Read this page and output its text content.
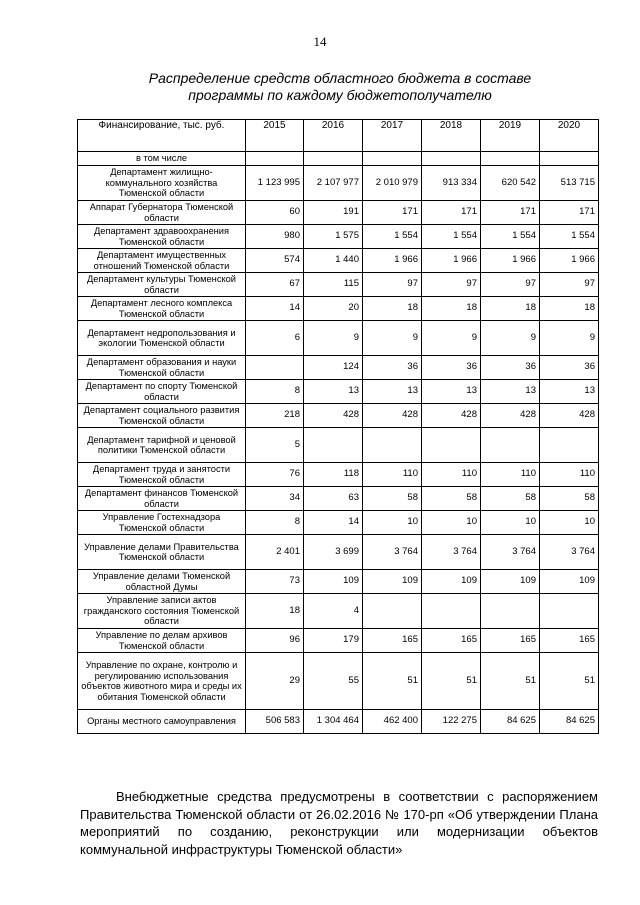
14
Распределение средств областного бюджета в составе
программы по каждому бюджетополучателю
Финансирование, тыс. руб.	2015	2016	2017	2018	2019	2020
в том числе						
Департамент жилищно-коммунального хозяйства Тюменской области	1 123 995	2 107 977	2 010 979	913 334	620 542	513 715
Аппарат Губернатора Тюменской области	60	191	171	171	171	171
Департамент здравоохранения Тюменской области	980	1 575	1 554	1 554	1 554	1 554
Департамент имущественных отношений Тюменской области	574	1 440	1 966	1 966	1 966	1 966
Департамент культуры Тюменской области	67	115	97	97	97	97
Департамент лесного комплекса Тюменской области	14	20	18	18	18	18
Департамент недропользования и экологии Тюменской области	6	9	9	9	9	9
Департамент образования и науки Тюменской области		124	36	36	36	36
Департамент по спорту Тюменской области	8	13	13	13	13	13
Департамент социального развития Тюменской области	218	428	428	428	428	428
Департамент тарифной и ценовой политики Тюменской области	5					
Департамент труда и занятости Тюменской области	76	118	110	110	110	110
Департамент финансов Тюменской области	34	63	58	58	58	58
Управление Гостехнадзора Тюменской области	8	14	10	10	10	10
Управление делами Правительства Тюменской области	2 401	3 699	3 764	3 764	3 764	3 764
Управление делами Тюменской областной Думы	73	109	109	109	109	109
Управление записи актов гражданского состояния Тюменской области	18	4				
Управление по делам архивов Тюменской области	96	179	165	165	165	165
Управление по охране, контролю и регулированию использования объектов животного мира и среды их обитания Тюменской области	29	55	51	51	51	51
Органы местного самоуправления	506 583	1 304 464	462 400	122 275	84 625	84 625
Внебюджетные средства предусмотрены в соответствии с распоряжением Правительства Тюменской области от 26.02.2016 № 170-рп «Об утверждении Плана мероприятий по созданию, реконструкции или модернизации объектов коммунальной инфраструктуры Тюменской области»
